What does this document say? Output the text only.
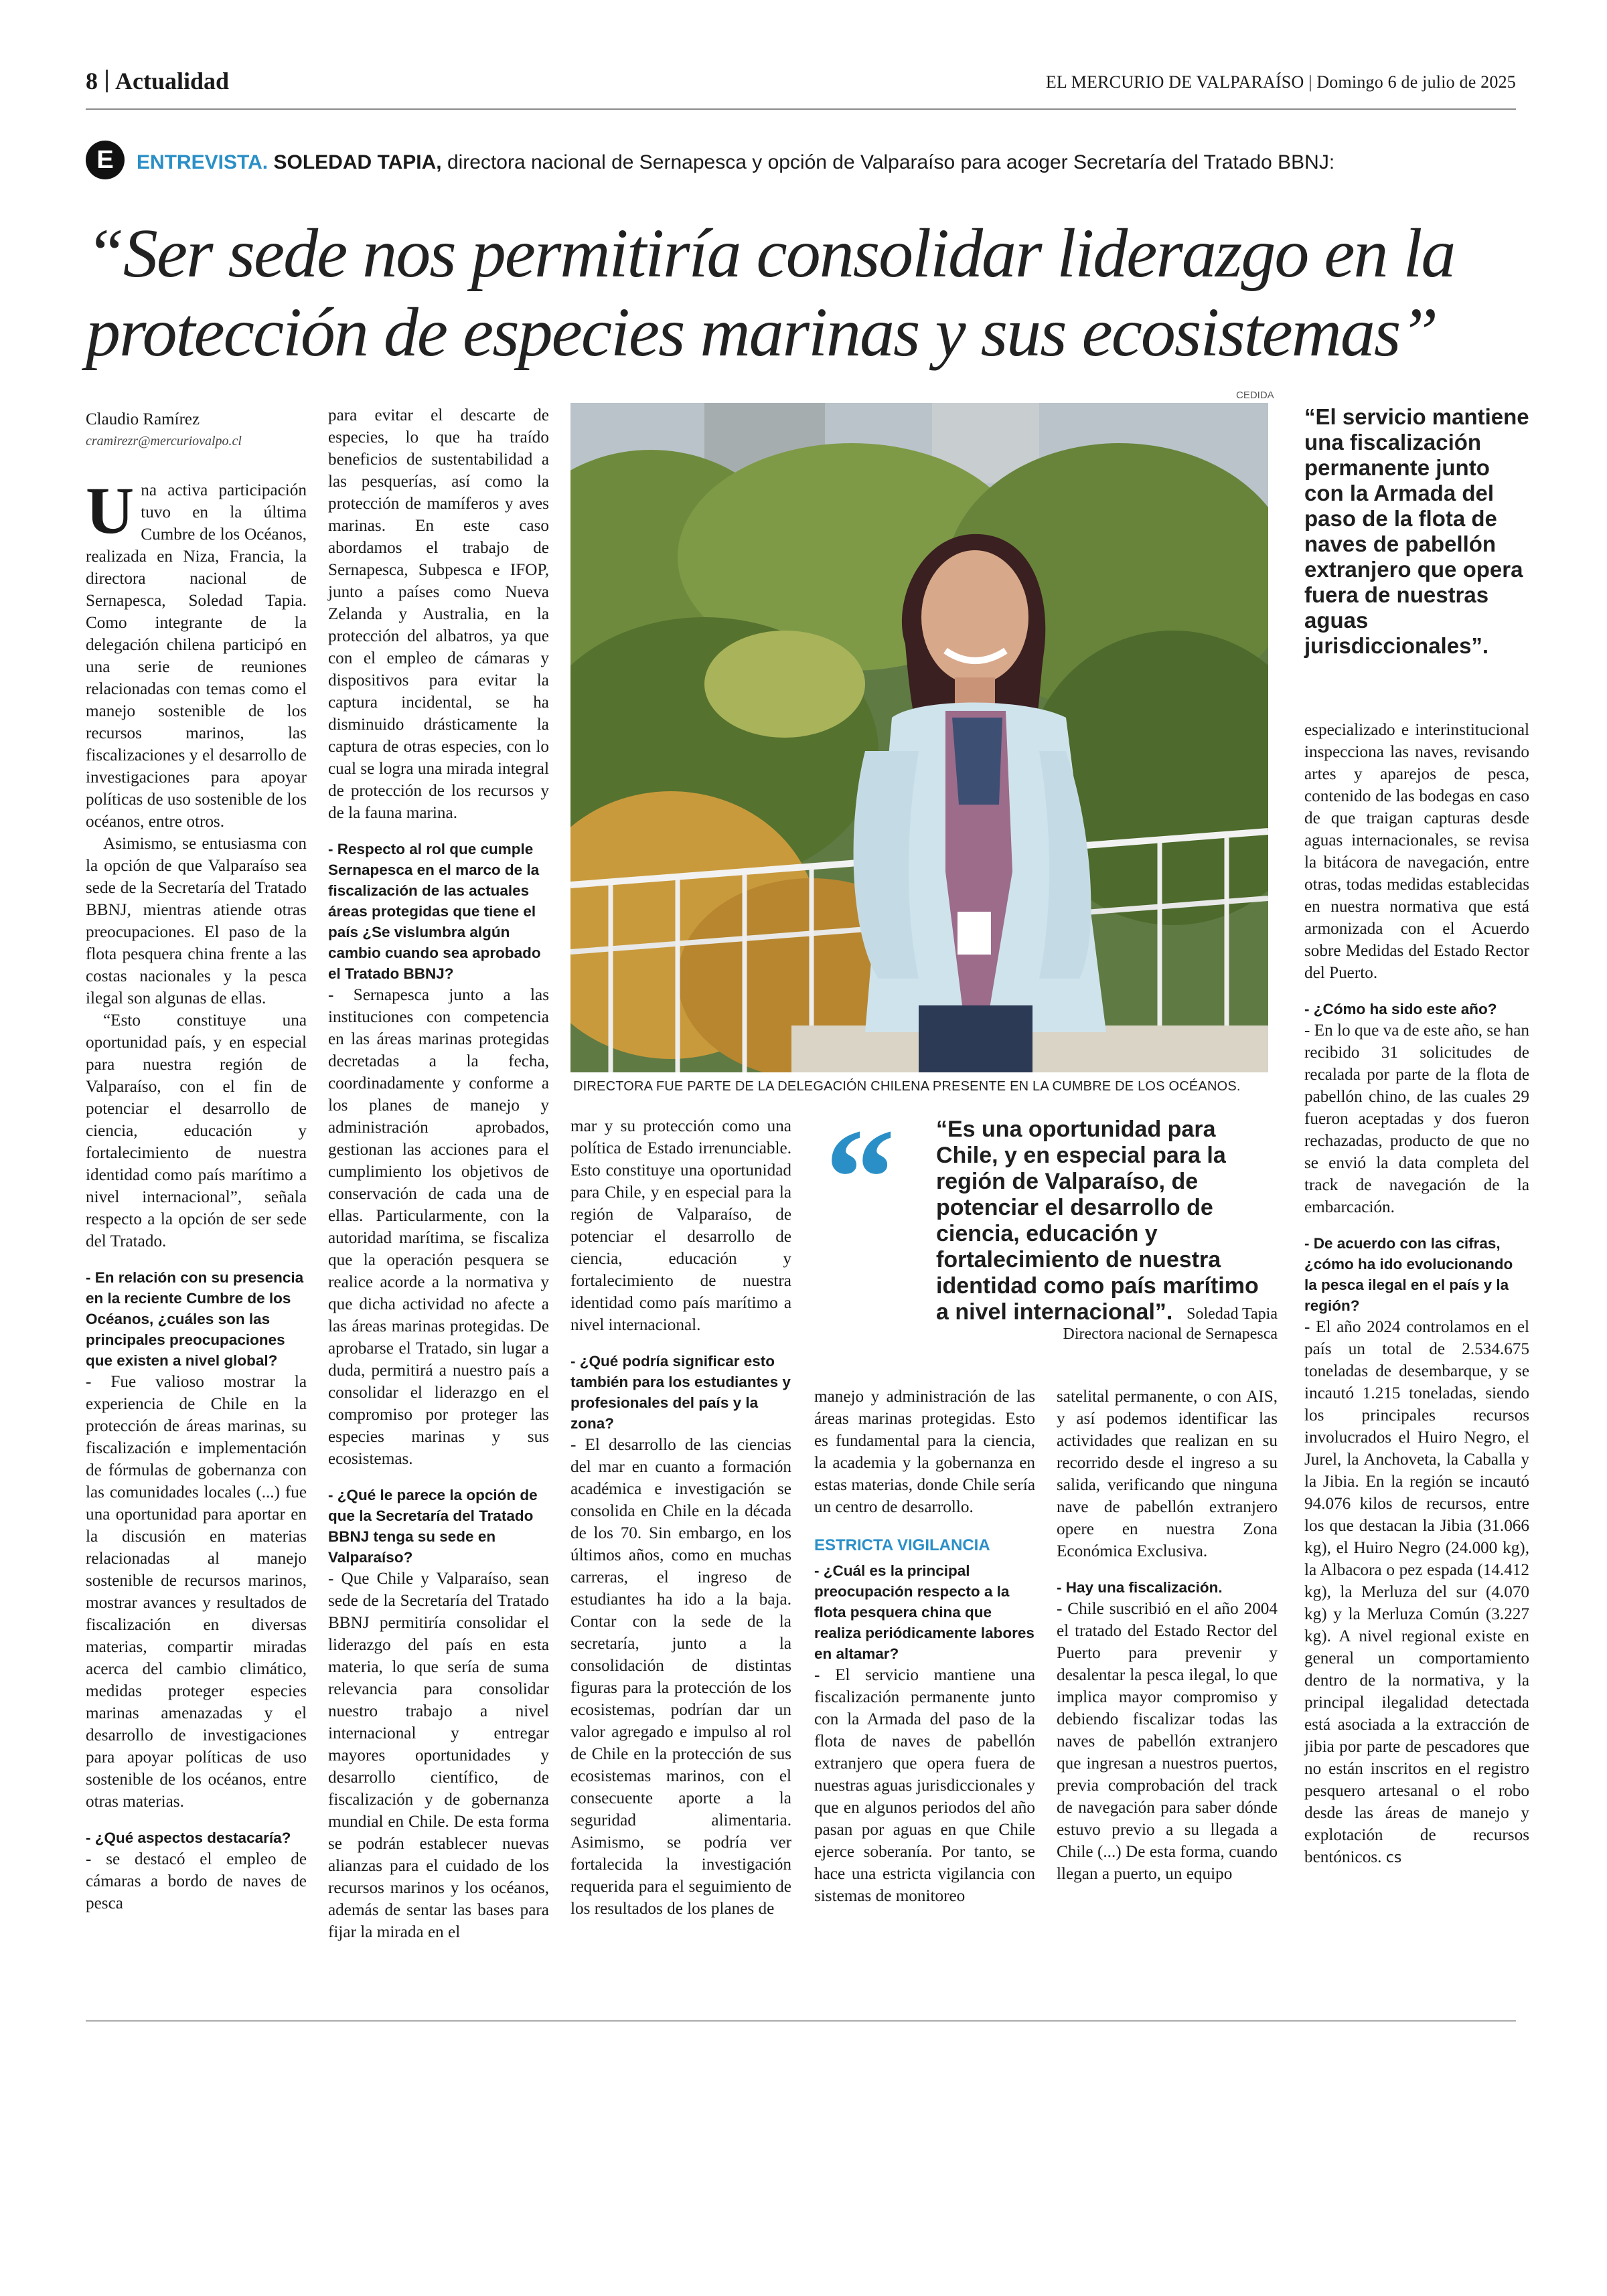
8 Actualidad	EL MERCURIO DE VALPARAÍSO | Domingo 6 de julio de 2025
E	ENTREVISTA. SOLEDAD TAPIA, directora nacional de Sernapesca y opción de Valparaíso para acoger Secretaría del Tratado BBNJ:
“Ser sede nos permitiría consolidar liderazgo en la protección de especies marinas y sus ecosistemas”
Claudio Ramírez
cramirezr@mercuriovalpo.cl

Una activa participación tuvo en la última Cumbre de los Océanos, realizada en Niza, Francia, la directora nacional de Sernapesca, Soledad Tapia. Como integrante de la delegación chilena participó en una serie de reuniones relacionadas con temas como el manejo sostenible de los recursos marinos, las fiscalizaciones y el desarrollo de investigaciones para apoyar políticas de uso sostenible de los océanos, entre otros.

Asimismo, se entusiasma con la opción de que Valparaíso sea sede de la Secretaría del Tratado BBNJ, mientras atiende otras preocupaciones. El paso de la flota pesquera china frente a las costas nacionales y la pesca ilegal son algunas de ellas.

“Esto constituye una oportunidad país, y en especial para nuestra región de Valparaíso, con el fin de potenciar el desarrollo de ciencia, educación y fortalecimiento de nuestra identidad como país marítimo a nivel internacional”, señala respecto a la opción de ser sede del Tratado.

- En relación con su presencia en la reciente Cumbre de los Océanos, ¿cuáles son las principales preocupaciones que existen a nivel global?

- Fue valioso mostrar la experiencia de Chile en la protección de áreas marinas, su fiscalización e implementación de fórmulas de gobernanza con las comunidades locales (...) fue una oportunidad para aportar en la discusión en materias relacionadas al manejo sostenible de recursos marinos, mostrar avances y resultados de fiscalización en diversas materias, compartir miradas acerca del cambio climático, medidas proteger especies marinas amenazadas y el desarrollo de investigaciones para apoyar políticas de uso sostenible de los océanos, entre otras materias.

- ¿Qué aspectos destacaría?

- se destacó el empleo de cámaras a bordo de naves de pesca

para evitar el descarte de especies, lo que ha traído beneficios de sustentabilidad a las pesquerías, así como la protección de mamíferos y aves marinas. En este caso abordamos el trabajo de Sernapesca, Subpesca e IFOP, junto a países como Nueva Zelanda y Australia, en la protección del albatros, ya que con el empleo de cámaras y dispositivos para evitar la captura incidental, se ha disminuido drásticamente la captura de otras especies, con lo cual se logra una mirada integral de protección de los recursos y de la fauna marina.

- Respecto al rol que cumple Sernapesca en el marco de la fiscalización de las actuales áreas protegidas que tiene el país ¿Se vislumbra algún cambio cuando sea aprobado el Tratado BBNJ?

- Sernapesca junto a las instituciones con competencia en las áreas marinas protegidas decretadas a la fecha, coordinadamente y conforme a los planes de manejo y administración aprobados, gestionan las acciones para el cumplimiento los objetivos de conservación de cada una de ellas. Particularmente, con la autoridad marítima, se fiscaliza que la operación pesquera se realice acorde a la normativa y que dicha actividad no afecte a las áreas marinas protegidas. De aprobarse el Tratado, sin lugar a duda, permitirá a nuestro país a consolidar el liderazgo en el compromiso por proteger las especies marinas y sus ecosistemas.

- ¿Qué le parece la opción de que la Secretaría del Tratado BBNJ tenga su sede en Valparaíso?

- Que Chile y Valparaíso, sean sede de la Secretaría del Tratado BBNJ permitiría consolidar el liderazgo del país en esta materia, lo que sería de suma relevancia para consolidar nuestro trabajo a nivel internacional y entregar mayores oportunidades y desarrollo científico, de fiscalización y de gobernanza mundial en Chile. De esta forma se podrán establecer nuevas alianzas para el cuidado de los recursos marinos y los océanos, además de sentar las bases para fijar la mirada en el

CEDIDA
DIRECTORA FUE PARTE DE LA DELEGACIÓN CHILENA PRESENTE EN LA CUMBRE DE LOS OCÉANOS.
“El servicio mantiene una fiscalización permanente junto con la Armada del paso de la flota de naves de pabellón extranjero que opera fuera de nuestras aguas jurisdiccionales”.

especializado e interinstitucional inspecciona las naves, revisando artes y aparejos de pesca, contenido de las bodegas en caso de que traigan capturas desde aguas internacionales, se revisa la bitácora de navegación, entre otras, todas medidas establecidas en nuestra normativa que está armonizada con el Acuerdo sobre Medidas del Estado Rector del Puerto.

- ¿Cómo ha sido este año?

- En lo que va de este año, se han recibido 31 solicitudes de recalada por parte de la flota de pabellón chino, de las cuales 29 fueron aceptadas y dos fueron rechazadas, producto de que no se envió la data completa del track de navegación de la embarcación.

- De acuerdo con las cifras, ¿cómo ha ido evolucionando la pesca ilegal en el país y la región?

- El año 2024 controlamos en el país un total de 2.534.675 toneladas de desembarque, y se incautó 1.215 toneladas, siendo los principales recursos involucrados el Huiro Negro, el Jurel, la Anchoveta, la Caballa y la Jibia. En la región se incautó 94.076 kilos de recursos, entre los que destacan la Jibia (31.066 kg), el Huiro Negro (24.000 kg), la Albacora o pez espada (14.412 kg), la Merluza del sur (4.070 kg) y la Merluza Común (3.227 kg). A nivel regional existe en general un comportamiento dentro de la normativa, y la principal ilegalidad detectada está asociada a la extracción de jibia por parte de pescadores que no están inscritos en el registro pesquero artesanal o el robo desde las áreas de manejo y explotación de recursos bentónicos. cs

mar y su protección como una política de Estado irrenunciable. Esto constituye una oportunidad para Chile, y en especial para la región de Valparaíso, de potenciar el desarrollo de ciencia, educación y fortalecimiento de nuestra identidad como país marítimo a nivel internacional.

- ¿Qué podría significar esto también para los estudiantes y profesionales del país y la zona?

- El desarrollo de las ciencias del mar en cuanto a formación académica e investigación se consolida en Chile en la década de los 70. Sin embargo, en los últimos años, como en muchas carreras, el ingreso de estudiantes ha ido a la baja. Contar con la sede de la secretaría, junto a la consolidación de distintas figuras para la protección de los ecosistemas, podrían dar un valor agregado e impulso al rol de Chile en la protección de sus ecosistemas marinos, con el consecuente aporte a la seguridad alimentaria. Asimismo, se podría ver fortalecida la investigación requerida para el seguimiento de los resultados de los planes de

“ “Es una oportunidad para Chile, y en especial para la región de Valparaíso, de potenciar el desarrollo de ciencia, educación y fortalecimiento de nuestra identidad como país marítimo a nivel internacional”. Soledad Tapia
Directora nacional de Sernapesca

manejo y administración de las áreas marinas protegidas. Esto es fundamental para la ciencia, la academia y la gobernanza en estas materias, donde Chile sería un centro de desarrollo.

ESTRICTA VIGILANCIA

- ¿Cuál es la principal preocupación respecto a la flota pesquera china que realiza periódicamente labores en altamar?

- El servicio mantiene una fiscalización permanente junto con la Armada del paso de la flota de naves de pabellón extranjero que opera fuera de nuestras aguas jurisdiccionales y que en algunos periodos del año pasan por aguas en que Chile ejerce soberanía. Por tanto, se hace una estricta vigilancia con sistemas de monitoreo

satelital permanente, o con AIS, y así podemos identificar las actividades que realizan en su recorrido desde el ingreso a su salida, verificando que ninguna nave de pabellón extranjero opere en nuestra Zona Económica Exclusiva.

- Hay una fiscalización.

- Chile suscribió en el año 2004 el tratado del Estado Rector del Puerto para prevenir y desalentar la pesca ilegal, lo que implica mayor compromiso y debiendo fiscalizar todas las naves de pabellón extranjero que ingresan a nuestros puertos, previa comprobación del track de navegación para saber dónde estuvo previo a su llegada a Chile (...) De esta forma, cuando llegan a puerto, un equipo
